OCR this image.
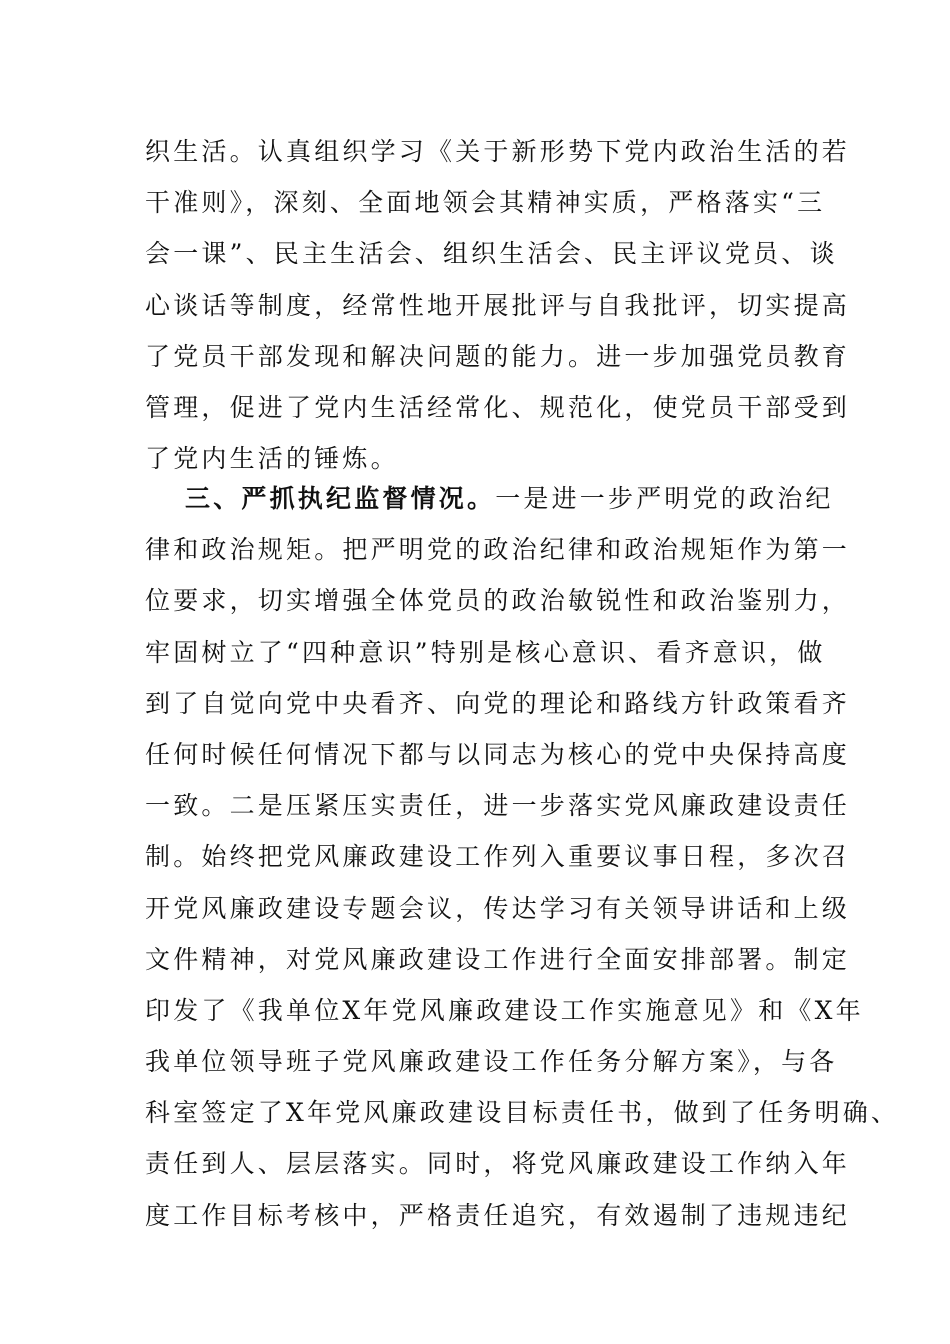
织生活。认真组织学习《关于新形势下党内政治生活的若
干准则》，深刻、全面地领会其精神实质，严格落实“三
会一课”、民主生活会、组织生活会、民主评议党员、谈
心谈话等制度，经常性地开展批评与自我批评，切实提高
了党员干部发现和解决问题的能力。进一步加强党员教育
管理，促进了党内生活经常化、规范化，使党员干部受到
了党内生活的锤炼。
三、严抓执纪监督情况。一是进一步严明党的政治纪
律和政治规矩。把严明党的政治纪律和政治规矩作为第一
位要求，切实增强全体党员的政治敏锐性和政治鉴别力，
牢固树立了“四种意识”特别是核心意识、看齐意识，做
到了自觉向党中央看齐、向党的理论和路线方针政策看齐
任何时候任何情况下都与以同志为核心的党中央保持高度
一致。二是压紧压实责任，进一步落实党风廉政建设责任
制。始终把党风廉政建设工作列入重要议事日程，多次召
开党风廉政建设专题会议，传达学习有关领导讲话和上级
文件精神，对党风廉政建设工作进行全面安排部署。制定
印发了《我单位X年党风廉政建设工作实施意见》和《X年
我单位领导班子党风廉政建设工作任务分解方案》，与各
科室签定了X年党风廉政建设目标责任书，做到了任务明确、
责任到人、层层落实。同时，将党风廉政建设工作纳入年
度工作目标考核中，严格责任追究，有效遏制了违规违纪
